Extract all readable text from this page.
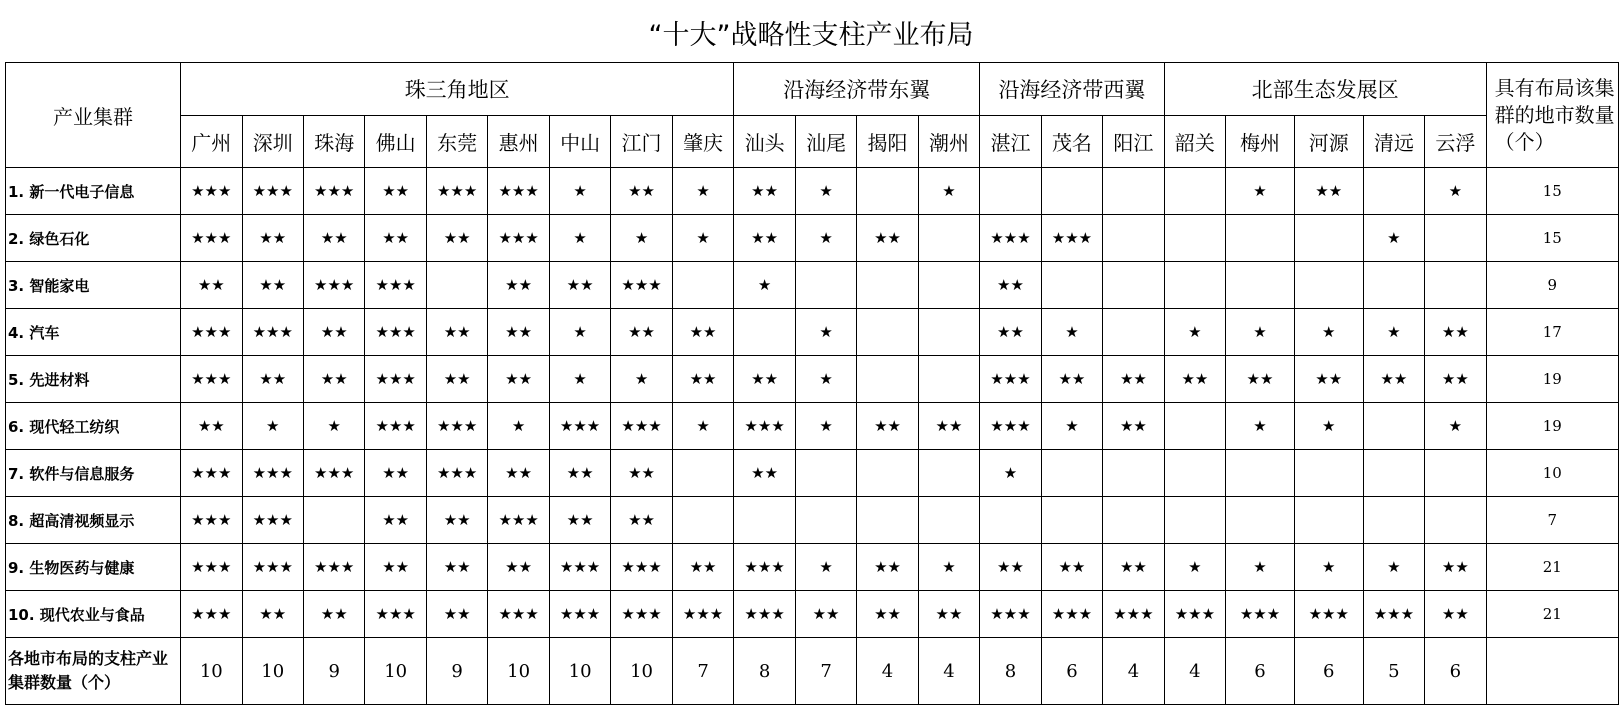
“十大”战略性支柱产业布局
产业集群	珠三角地区									沿海经济带东翼				沿海经济带西翼			北部生态发展区					具有布局该集群的地市数量（个）
	广州	深圳	珠海	佛山	东莞	惠州	中山	江门	肇庆	汕头	汕尾	揭阳	潮州	湛江	茂名	阳江	韶关	梅州	河源	清远	云浮	
1. 新一代电子信息	★★★	★★★	★★★	★★	★★★	★★★	★	★★	★	★★	★		★					★	★★		★	15
2. 绿色石化	★★★	★★	★★	★★	★★	★★★	★	★	★	★★	★	★★		★★★	★★★					★		15
3. 智能家电	★★	★★	★★★	★★★		★★	★★	★★★		★				★★								9
4. 汽车	★★★	★★★	★★	★★★	★★	★★	★	★★	★★		★			★★	★		★	★	★	★	★★	17
5. 先进材料	★★★	★★	★★	★★★	★★	★★	★	★	★★	★★	★			★★★	★★	★★	★★	★★	★★	★★	★★	19
6. 现代轻工纺织	★★	★	★	★★★	★★★	★	★★★	★★★	★	★★★	★	★★	★★	★★★	★	★★		★	★		★	19
7. 软件与信息服务	★★★	★★★	★★★	★★	★★★	★★	★★	★★		★★				★								10
8. 超高清视频显示	★★★	★★★		★★	★★	★★★	★★	★★														7
9. 生物医药与健康	★★★	★★★	★★★	★★	★★	★★	★★★	★★★	★★	★★★	★	★★	★	★★	★★	★★	★	★	★	★	★★	21
10. 现代农业与食品	★★★	★★	★★	★★★	★★	★★★	★★★	★★★	★★★	★★★	★★	★★	★★	★★★	★★★	★★★	★★★	★★★	★★★	★★★	★★	21
各地市布局的支柱产业集群数量（个）	10	10	9	10	9	10	10	10	7	8	7	4	4	8	6	4	4	6	6	5	6	
